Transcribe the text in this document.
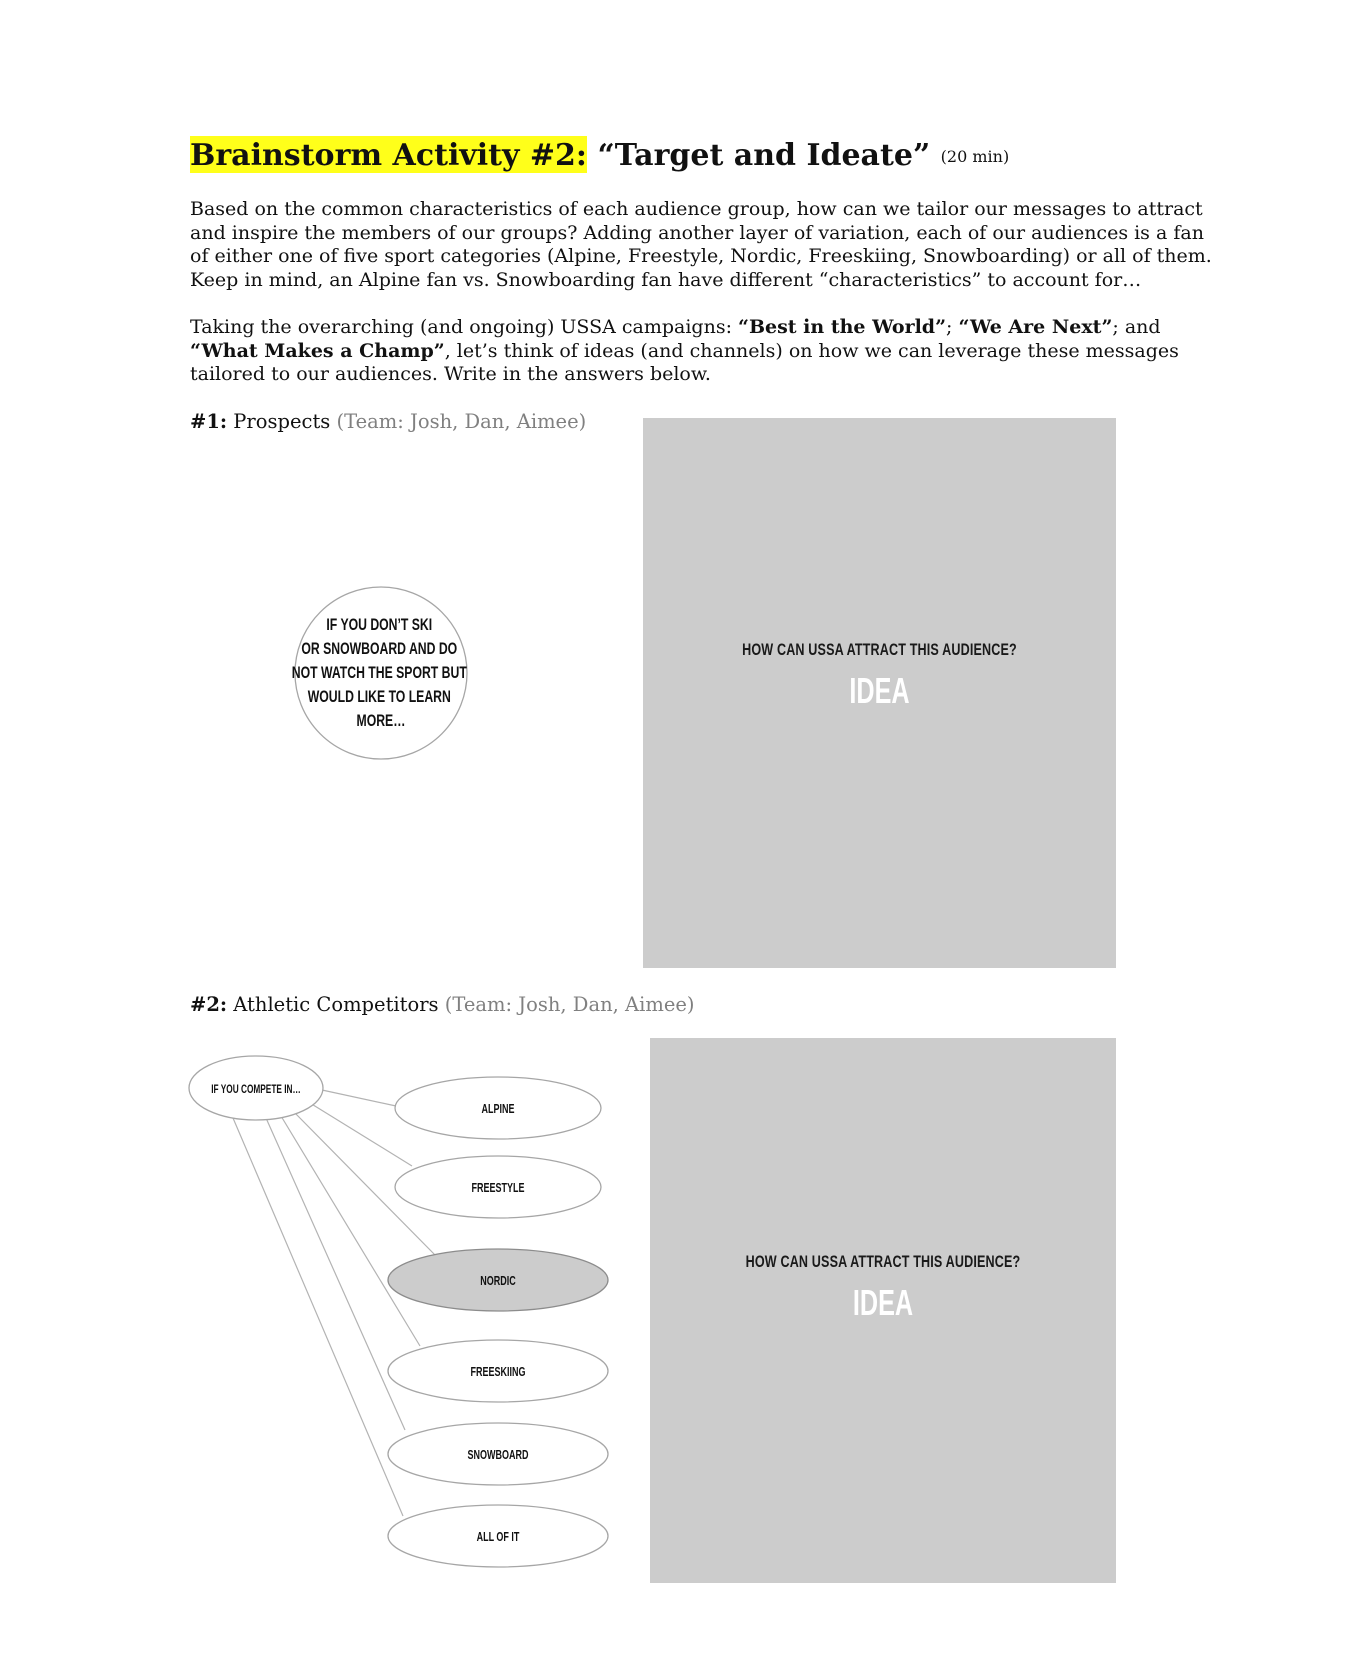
Brainstorm Activity #2: “Target and Ideate” (20 min)

Based on the common characteristics of each audience group, how can we tailor our messages to attract and inspire the members of our groups? Adding another layer of variation, each of our audiences is a fan of either one of five sport categories (Alpine, Freestyle, Nordic, Freeskiing, Snowboarding) or all of them. Keep in mind, an Alpine fan vs. Snowboarding fan have different “characteristics” to account for…

Taking the overarching (and ongoing) USSA campaigns: “Best in the World”; “We Are Next”; and “What Makes a Champ”, let’s think of ideas (and channels) on how we can leverage these messages tailored to our audiences. Write in the answers below.

#1: Prospects (Team: Josh, Dan, Aimee)

#2: Athletic Competitors (Team: Josh, Dan, Aimee)

HOW CAN USSA ATTRACT THIS AUDIENCE?
IDEA
HOW CAN USSA ATTRACT THIS AUDIENCE?
IDEA
IF YOU DON’T SKI OR SNOWBOARD AND DO NOT WATCH THE SPORT BUT WOULD LIKE TO LEARN MORE…
IF YOU COMPETE IN…
ALPINE
FREESTYLE
NORDIC
FREESKIING
SNOWBOARD
ALL OF IT
